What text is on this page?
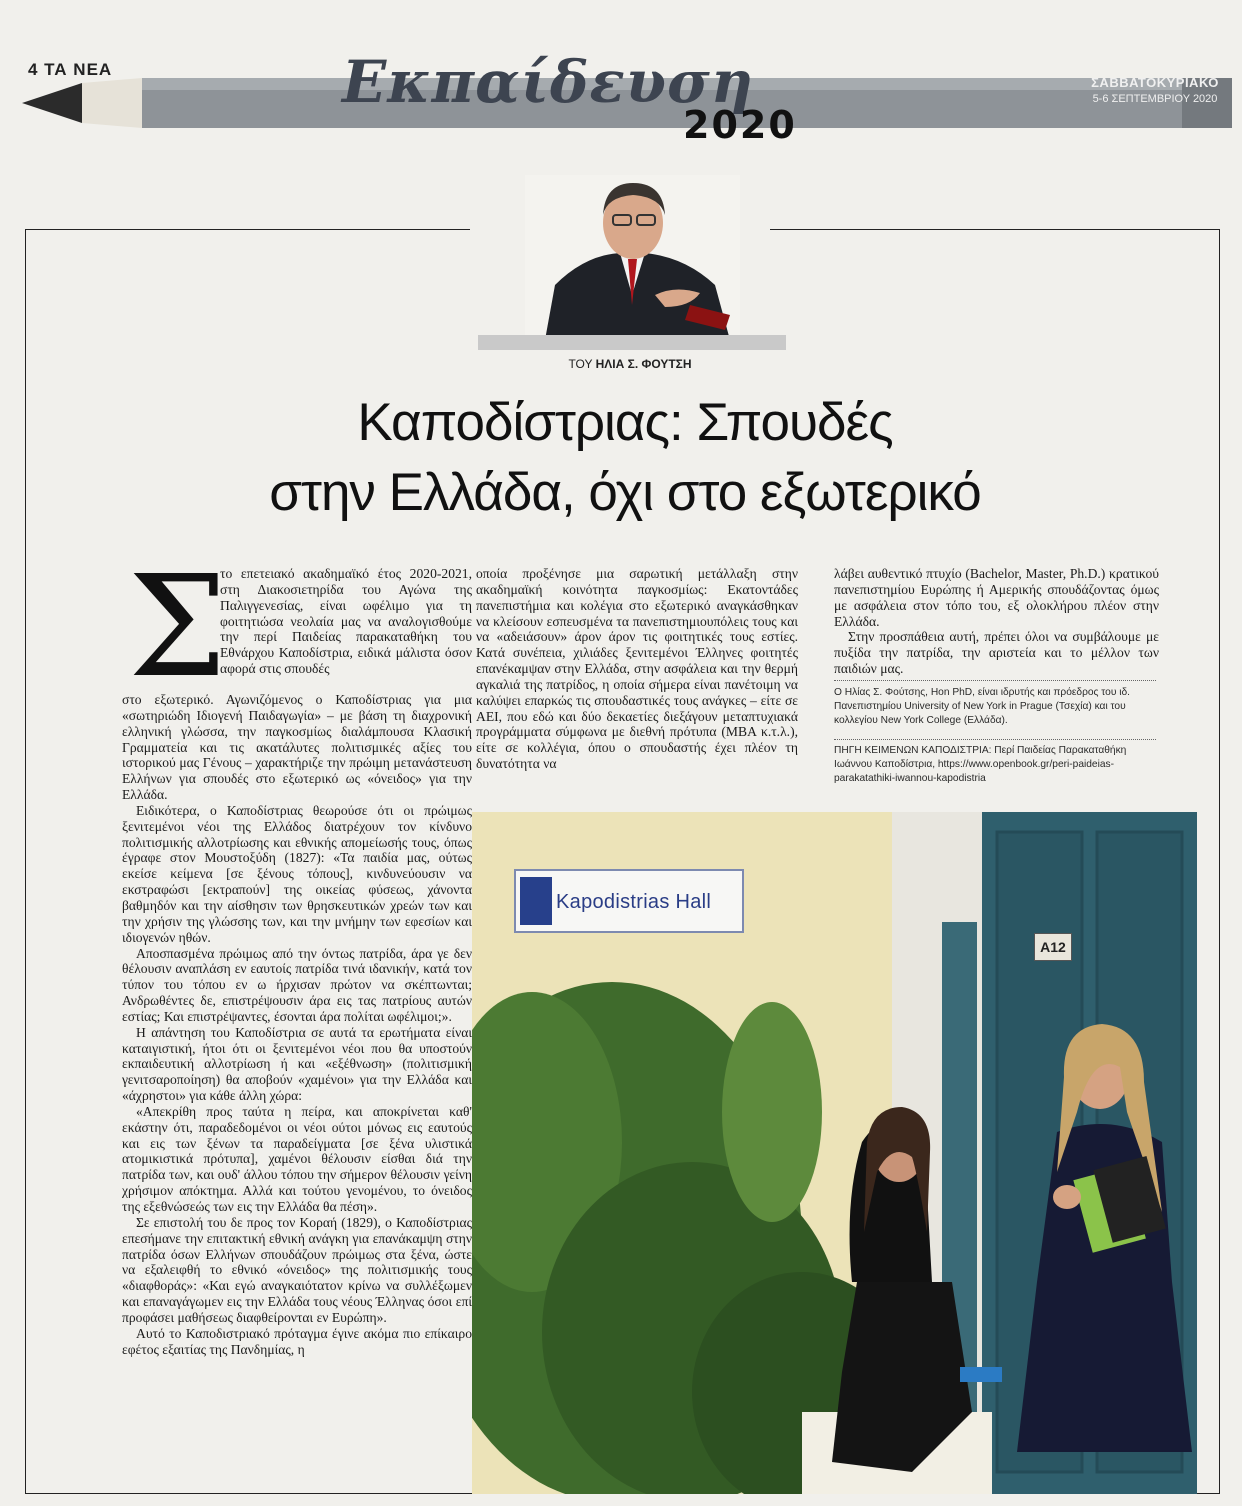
4 ΤΑ ΝΕΑ	Εκπαίδευση
2020
ΣΑΒΒΑΤΟΚΥΡΙΑΚΟ
5-6 ΣΕΠΤΕΜΒΡΙΟΥ 2020
ΤΟΥ ΗΛΙΑ Σ. ΦΟΥΤΣΗ
Καποδίστριας: Σπουδές
στην Ελλάδα, όχι στο εξωτερικό
Σ

το επετειακό ακαδημαϊκό έτος 2020-2021, στη Διακοσιετηρίδα του Αγώνα της Παλιγγενεσίας, είναι ωφέλιμο για τη φοιτητιώσα νεολαία μας να αναλογισθούμε την περί Παιδείας παρακαταθήκη του Εθνάρχου Καποδίστρια, ειδικά μάλιστα όσον αφορά στις σπουδές

στο εξωτερικό. Αγωνιζόμενος ο Καποδίστριας για μια «σωτηριώδη Ιδιογενή Παιδαγωγία» – με βάση τη διαχρονική ελληνική γλώσσα, την παγκοσμίως διαλάμπουσα Κλασική Γραμματεία και τις ακατάλυτες πολιτισμικές αξίες του ιστορικού μας Γένους – χαρακτήριζε την πρώιμη μετανάστευση Ελλήνων για σπουδές στο εξωτερικό ως «όνειδος» για την Ελλάδα.

Ειδικότερα, ο Καποδίστριας θεωρούσε ότι οι πρώιμως ξενιτεμένοι νέοι της Ελλάδος διατρέχουν τον κίνδυνο πολιτισμικής αλλοτρίωσης και εθνικής απομείωσής τους, όπως έγραφε στον Μουστοξύδη (1827): «Τα παιδία μας, ούτως εκείσε κείμενα [σε ξένους τόπους], κινδυνεύουσιν να εκστραφώσι [εκτραπούν] της οικείας φύσεως, χάνοντα βαθμηδόν και την αίσθησιν των θρησκευτικών χρεών των και την χρήσιν της γλώσσης των, και την μνήμην των εφεσίων και ιδιογενών ηθών.

Αποσπασμένα πρώιμως από την όντως πατρίδα, άρα γε δεν θέλουσιν αναπλάση εν εαυτοίς πατρίδα τινά ιδανικήν, κατά τον τύπον του τόπου εν ω ήρχισαν πρώτον να σκέπτωνται; Ανδρωθέντες δε, επιστρέψουσιν άρα εις τας πατρίους αυτών εστίας; Και επιστρέψαντες, έσονται άρα πολίται ωφέλιμοι;».

Η απάντηση του Καποδίστρια σε αυτά τα ερωτήματα είναι καταιγιστική, ήτοι ότι οι ξενιτεμένοι νέοι που θα υποστούν εκπαιδευτική αλλοτρίωση ή και «εξέθνωση» (πολιτισμική γενιτσαροποίηση) θα αποβούν «χαμένοι» για την Ελλάδα και «άχρηστοι» για κάθε άλλη χώρα:

«Απεκρίθη προς ταύτα η πείρα, και αποκρίνεται καθ' εκάστην ότι, παραδεδομένοι οι νέοι ούτοι μόνως εις εαυτούς και εις των ξένων τα παραδείγματα [σε ξένα υλιστικά ατομικιστικά πρότυπα], χαμένοι θέλουσιν είσθαι διά την πατρίδα των, και ουδ' άλλου τόπου την σήμερον θέλουσιν γείνη χρήσιμον απόκτημα. Αλλά και τούτου γενομένου, το όνειδος της εξεθνώσεώς των εις την Ελλάδα θα πέση».

Σε επιστολή του δε προς τον Κοραή (1829), ο Καποδίστριας επεσήμανε την επιτακτική εθνική ανάγκη για επανάκαμψη στην πατρίδα όσων Ελλήνων σπουδάζουν πρώιμως στα ξένα, ώστε να εξαλειφθή το εθνικό «όνειδος» της πολιτισμικής τους «διαφθοράς»: «Και εγώ αναγκαιότατον κρίνω να συλλέξωμεν και επαναγάγωμεν εις την Ελλάδα τους νέους Έλληνας όσοι επί προφάσει μαθήσεως διαφθείρονται εν Ευρώπη».

Αυτό το Καποδιστριακό πρόταγμα έγινε ακόμα πιο επίκαιρο εφέτος εξαιτίας της Πανδημίας, η

οποία προξένησε μια σαρωτική μετάλλαξη στην ακαδημαϊκή κοινότητα παγκοσμίως: Εκατοντάδες πανεπιστήμια και κολέγια στο εξωτερικό αναγκάσθηκαν να κλείσουν εσπευσμένα τα πανεπιστημιουπόλεις τους και να «αδειάσουν» άρον άρον τις φοιτητικές τους εστίες. Κατά συνέπεια, χιλιάδες ξενιτεμένοι Έλληνες φοιτητές επανέκαμψαν στην Ελλάδα, στην ασφάλεια και την θερμή αγκαλιά της πατρίδος, η οποία σήμερα είναι πανέτοιμη να καλύψει επαρκώς τις σπουδαστικές τους ανάγκες – είτε σε ΑΕΙ, που εδώ και δύο δεκαετίες διεξάγουν μεταπτυχιακά προγράμματα σύμφωνα με διεθνή πρότυπα (MBA κ.τ.λ.), είτε σε κολλέγια, όπου ο σπουδαστής έχει πλέον τη δυνατότητα να

λάβει αυθεντικό πτυχίο (Bachelor, Master, Ph.D.) κρατικού πανεπιστημίου Ευρώπης ή Αμερικής σπουδάζοντας όμως με ασφάλεια στον τόπο του, εξ ολοκλήρου πλέον στην Ελλάδα.

Στην προσπάθεια αυτή, πρέπει όλοι να συμβάλουμε με πυξίδα την πατρίδα, την αριστεία και το μέλλον των παιδιών μας.

Ο Ηλίας Σ. Φούτσης, Hon PhD, είναι ιδρυτής και πρόεδρος του ιδ. Πανεπιστημίου University of New York in Prague (Τσεχία) και του κολλεγίου New York College (Ελλάδα).
ΠΗΓΗ ΚΕΙΜΕΝΩΝ ΚΑΠΟΔΙΣΤΡΙΑ: Περί Παιδείας Παρακαταθήκη Ιωάννου Καποδίστρια, https://www.openbook.gr/peri-paideias-parakatathiki-iwannou-kapodistria
Kapodistrias Hall
A12
